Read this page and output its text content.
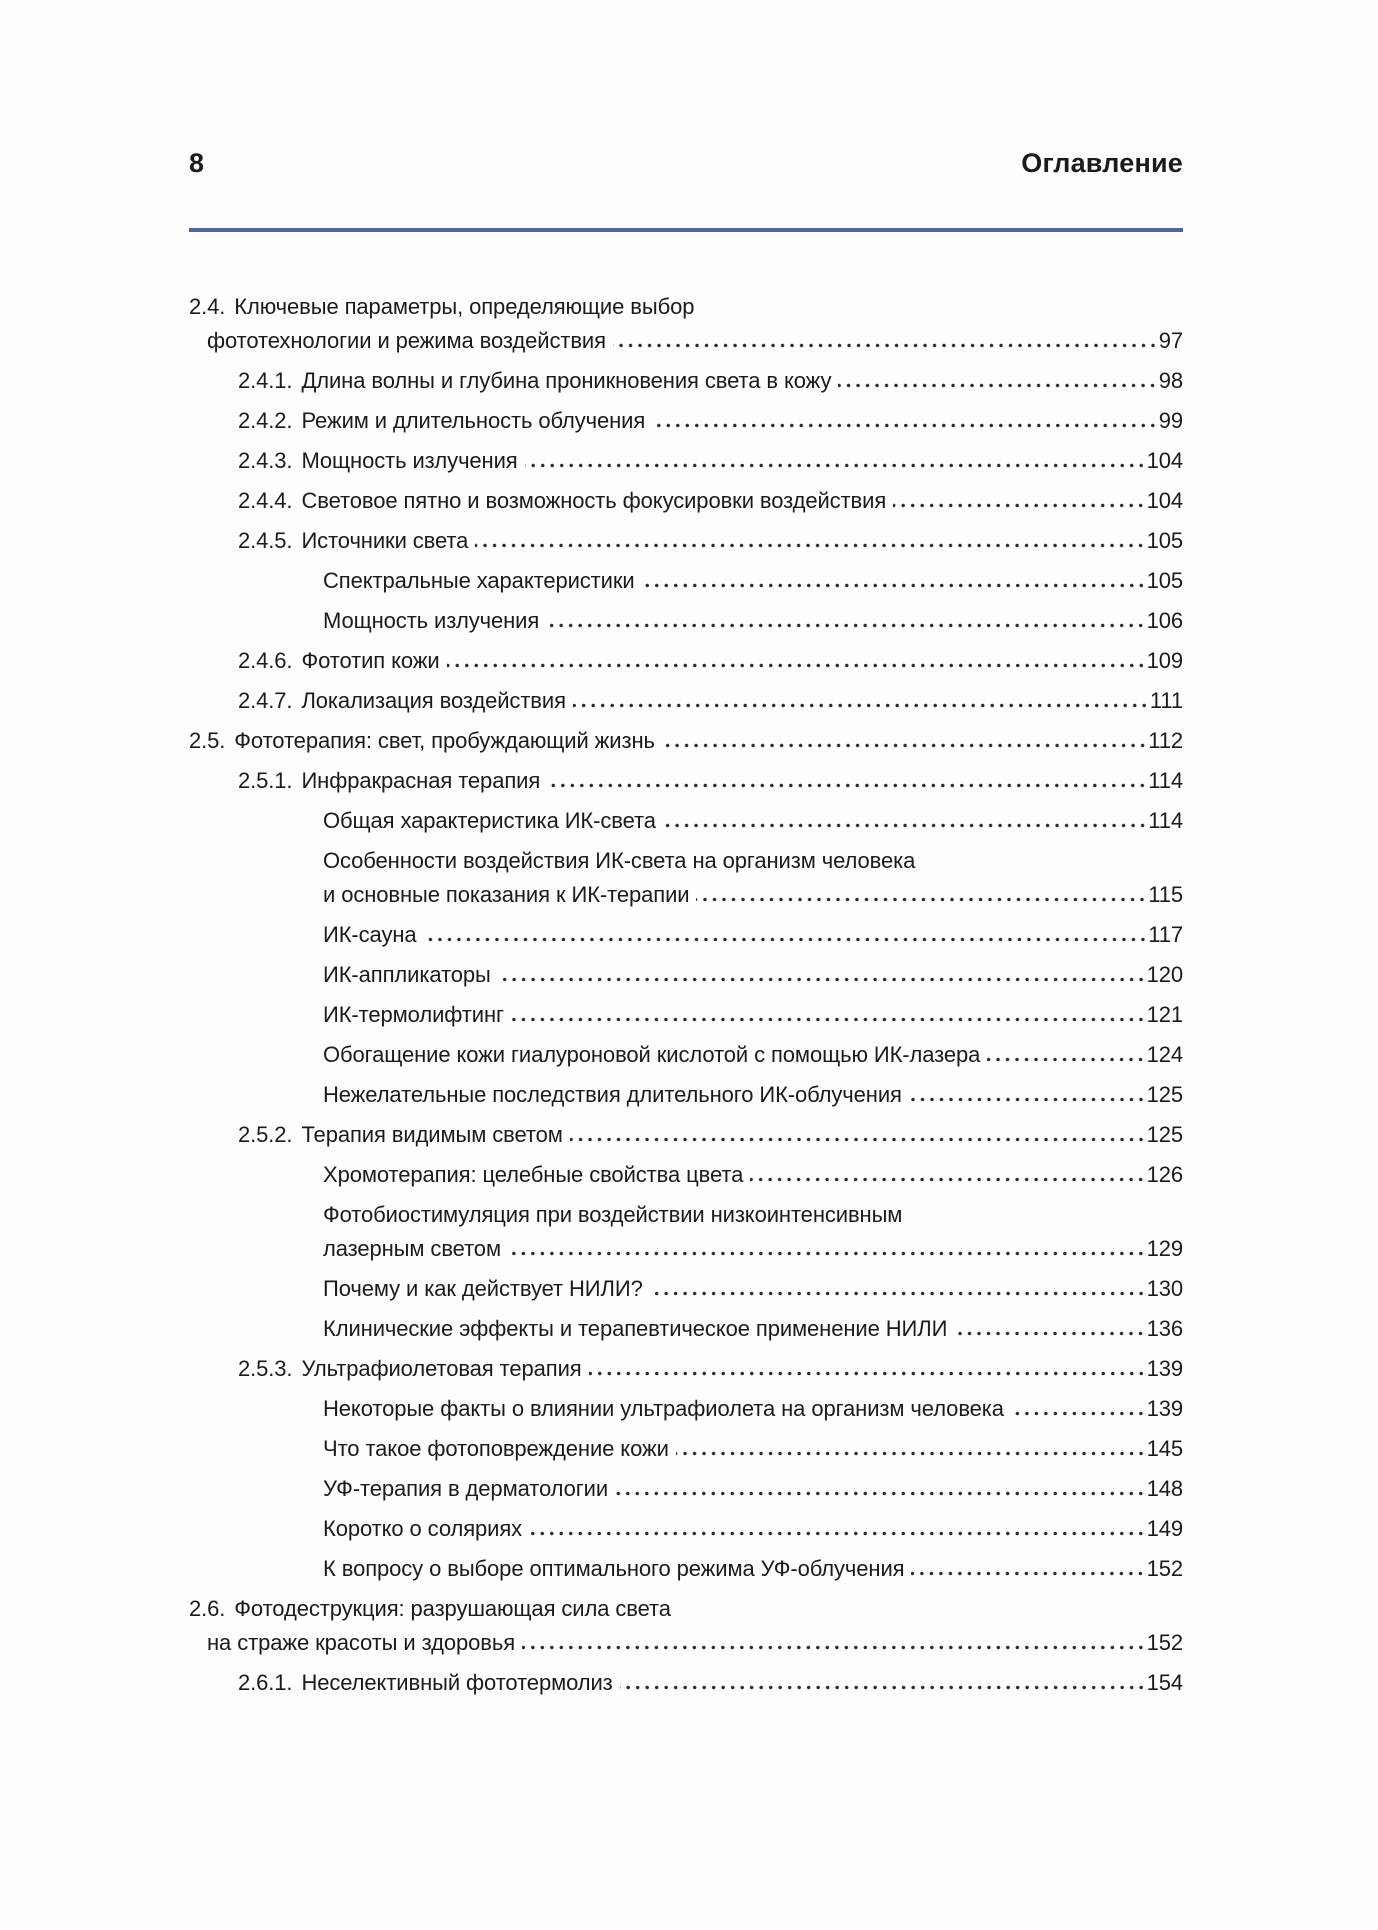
8	Оглавление
2.4. Ключевые параметры, определяющие выбор
фототехнологии и режима воздействия	97
2.4.1. Длина волны и глубина проникновения света в кожу	98
2.4.2. Режим и длительность облучения	99
2.4.3. Мощность излучения	104
2.4.4. Световое пятно и возможность фокусировки воздействия	104
2.4.5. Источники света	105
Спектральные характеристики	105
Мощность излучения	106
2.4.6. Фототип кожи	109
2.4.7. Локализация воздействия	111
2.5. Фототерапия: свет, пробуждающий жизнь	112
2.5.1. Инфракрасная терапия	114
Общая характеристика ИК-света	114
Особенности воздействия ИК-света на организм человека
и основные показания к ИК-терапии	115
ИК-сауна	117
ИК-аппликаторы	120
ИК-термолифтинг	121
Обогащение кожи гиалуроновой кислотой с помощью ИК-лазера	124
Нежелательные последствия длительного ИК-облучения	125
2.5.2. Терапия видимым светом	125
Хромотерапия: целебные свойства цвета	126
Фотобиостимуляция при воздействии низкоинтенсивным
лазерным светом	129
Почему и как действует НИЛИ?	130
Клинические эффекты и терапевтическое применение НИЛИ	136
2.5.3. Ультрафиолетовая терапия	139
Некоторые факты о влиянии ультрафиолета на организм человека	139
Что такое фотоповреждение кожи	145
УФ-терапия в дерматологии	148
Коротко о соляриях	149
К вопросу о выборе оптимального режима УФ-облучения	152
2.6. Фотодеструкция: разрушающая сила света
на страже красоты и здоровья	152
2.6.1. Неселективный фототермолиз	154
